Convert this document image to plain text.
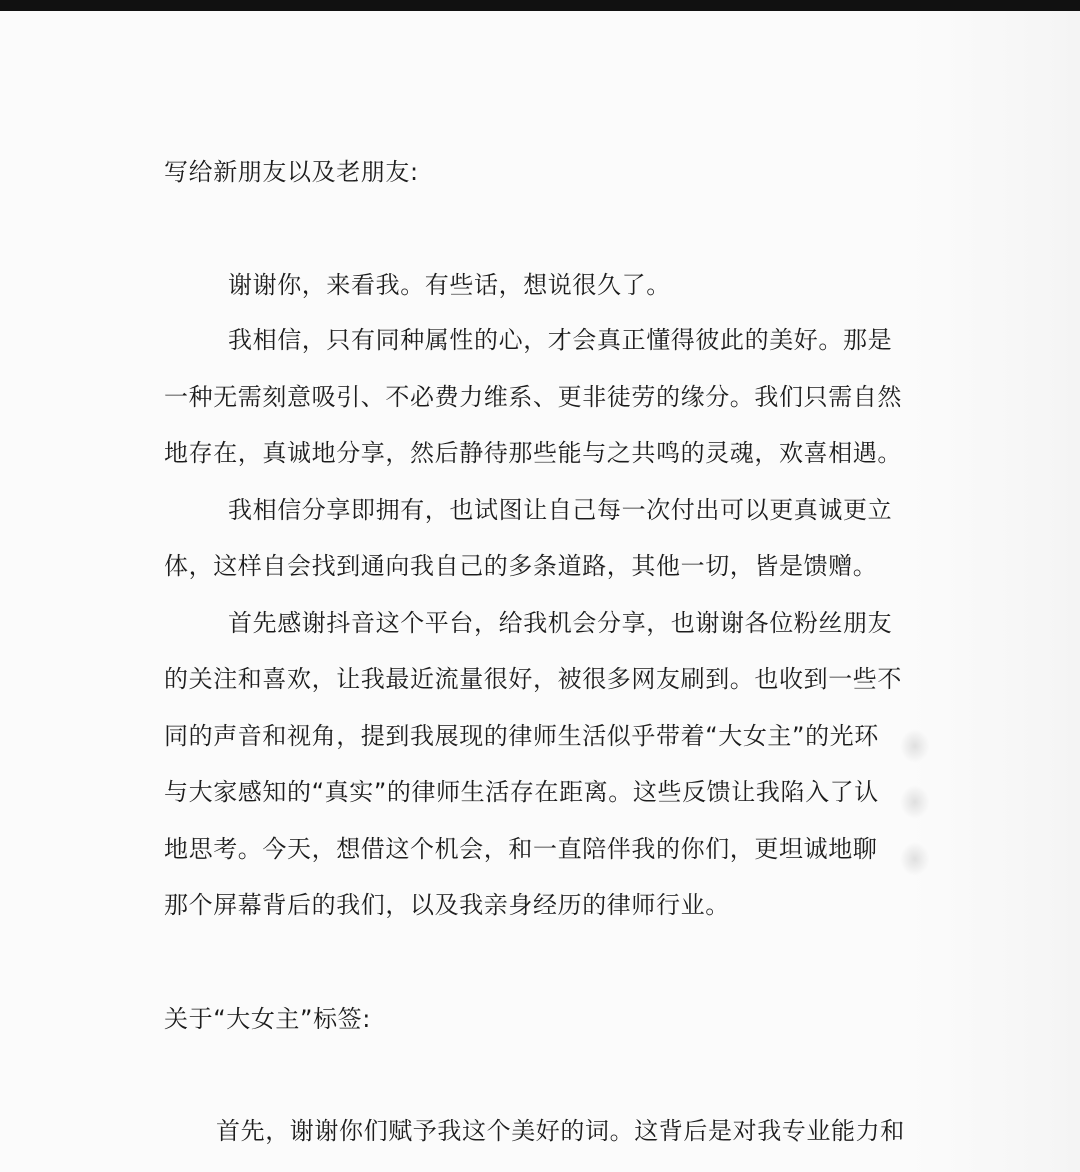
写给新朋友以及老朋友:

谢谢你，来看我。有些话，想说很久了。

我相信，只有同种属性的心，才会真正懂得彼此的美好。那是

一种无需刻意吸引、不必费力维系、更非徒劳的缘分。我们只需自然

地存在，真诚地分享，然后静待那些能与之共鸣的灵魂，欢喜相遇。

我相信分享即拥有，也试图让自己每一次付出可以更真诚更立

体，这样自会找到通向我自己的多条道路，其他一切，皆是馈赠。

首先感谢抖音这个平台，给我机会分享，也谢谢各位粉丝朋友

的关注和喜欢，让我最近流量很好，被很多网友刷到。也收到一些不

同的声音和视角，提到我展现的律师生活似乎带着“大女主”的光环

与大家感知的“真实”的律师生活存在距离。这些反馈让我陷入了认

地思考。今天，想借这个机会，和一直陪伴我的你们，更坦诚地聊

那个屏幕背后的我们，以及我亲身经历的律师行业。

关于“大女主”标签:

首先，谢谢你们赋予我这个美好的词。这背后是对我专业能力和
